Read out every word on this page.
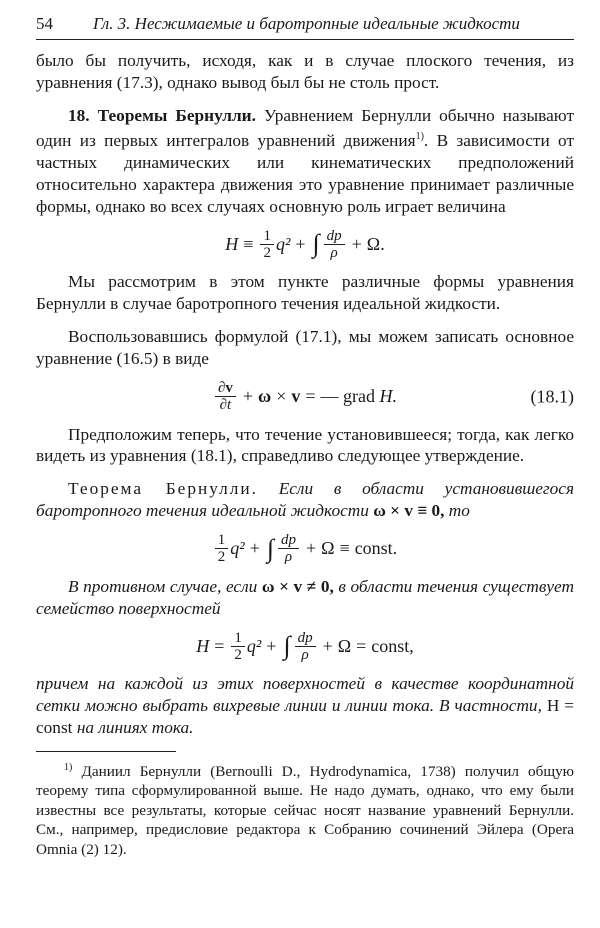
54 Гл. 3. Несжимаемые и баротропные идеальные жидкости

было бы получить, исходя, как и в случае плоского течения, из уравнения (17.3), однако вывод был бы не столь прост.

18. Теоремы Бернулли. Уравнением Бернулли обычно называют один из первых интегралов уравнений движения$^{1)}$. В зависимости от частных динамических или кинематических предположений относительно характера движения это уравнение принимает различные формы, однако во всех случаях основную роль играет величина

$H \equiv \frac{1}{2} q^2$ + ∫ $\frac{dp}{\rho} + \Omega$ .

Мы рассмотрим в этом пункте различные формы уравнения Бернулли в случае баротропного течения идеальной жидкости.

Воспользовавшись формулой (17.1), мы можем записать основное уравнение (16.5) в виде

$\frac{\partial v}{\partial t} + \omega \times v$ = —
grad
H.	(18.1)

Предположим теперь, что течение установившееся; тогда, как легко видеть из уравнения (18.1), справедливо следующее утверждение.

Теорема Бернулли. Если в области установившегося баротропного течения идеальной жидкости ω × v ≡ 0, то

$\frac{1}{2} q^2$ + ∫ $\frac{dp}{\rho} + \Omega$ ≡ const.

В противном случае, если ω × v ≠ 0, в области течения существует семейство поверхностей

$H = \frac{1}{2} q^2$ + ∫ $\frac{dp}{\rho} + \Omega$ = const,

причем на каждой из этих поверхностей в качестве координатной сетки можно выбрать вихревые линии и линии тока. В частности, H = const на линиях тока.

$^{1)}$ Даниил Бернулли (Bernoulli D., Hydrodynamica, 1738) получил общую теорему типа сформулированной выше. Не надо думать, однако, что ему были известны все результаты, которые сейчас носят название уравнений Бернулли. См., например, предисловие редактора к Собранию сочинений Эйлера (Opera Omnia (2) 12).
